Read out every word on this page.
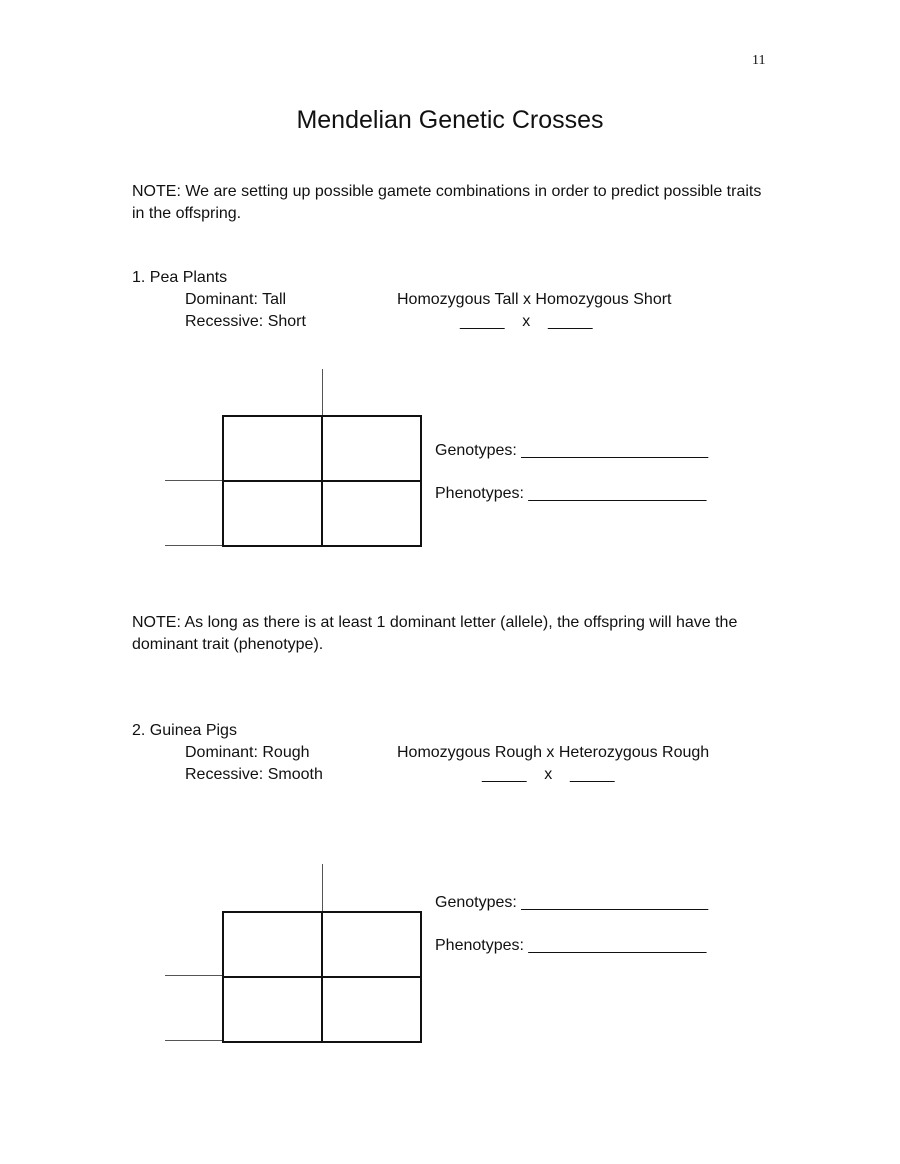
11
Mendelian Genetic Crosses
NOTE: We are setting up possible gamete combinations in order to predict possible traits in the offspring.
1. Pea Plants
Dominant: Tall
Recessive: Short
Homozygous Tall x Homozygous Short
_____    x    _____
Genotypes: _____________________
Phenotypes: ____________________
NOTE: As long as there is at least 1 dominant letter (allele), the offspring will have the dominant trait (phenotype).
2. Guinea Pigs
Dominant: Rough
Recessive: Smooth
Homozygous Rough x Heterozygous Rough
_____    x    _____
Genotypes: _____________________
Phenotypes: ____________________
